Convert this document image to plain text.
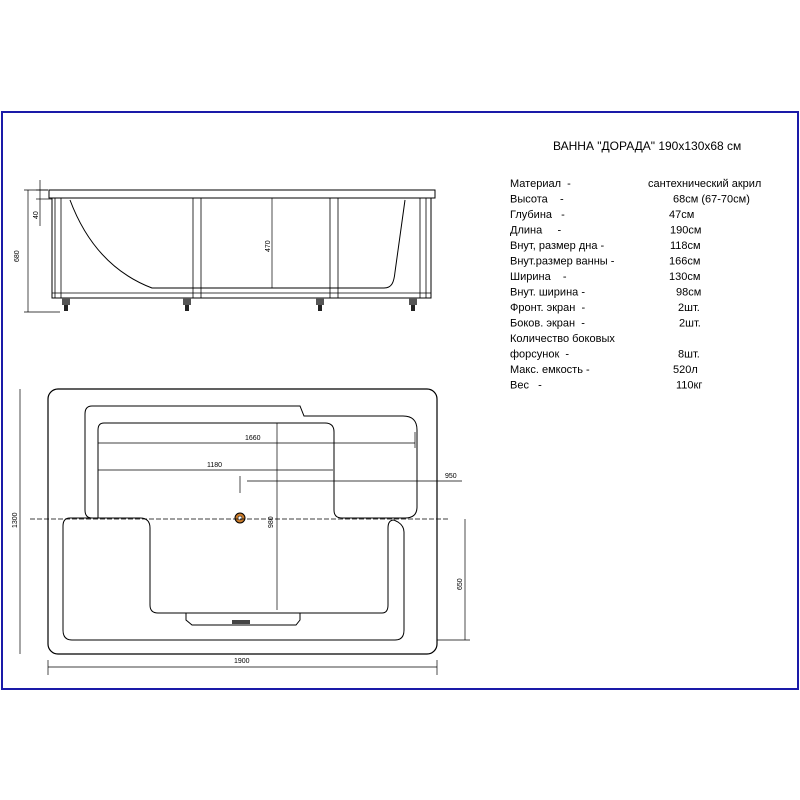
ВАННА "ДОРАДА" 190x130x68 см
Материал  -	сантехнический акрил
Высота    -	68см (67-70см)
Глубина   -	47см
Длина     -	190см
Внут, размер дна -	118см
Внут.размер ванны -	166см
Ширина    -	130см
Внут. ширина -	98см
Фронт. экран  -	2шт.
Боков. экран  -	2шт.
Количество боковых
форсунок  -	8шт.
Макс. емкость -	520л
Вес   -	110кг
680
40
470
1660
1180
950
980
1300
650
1900
